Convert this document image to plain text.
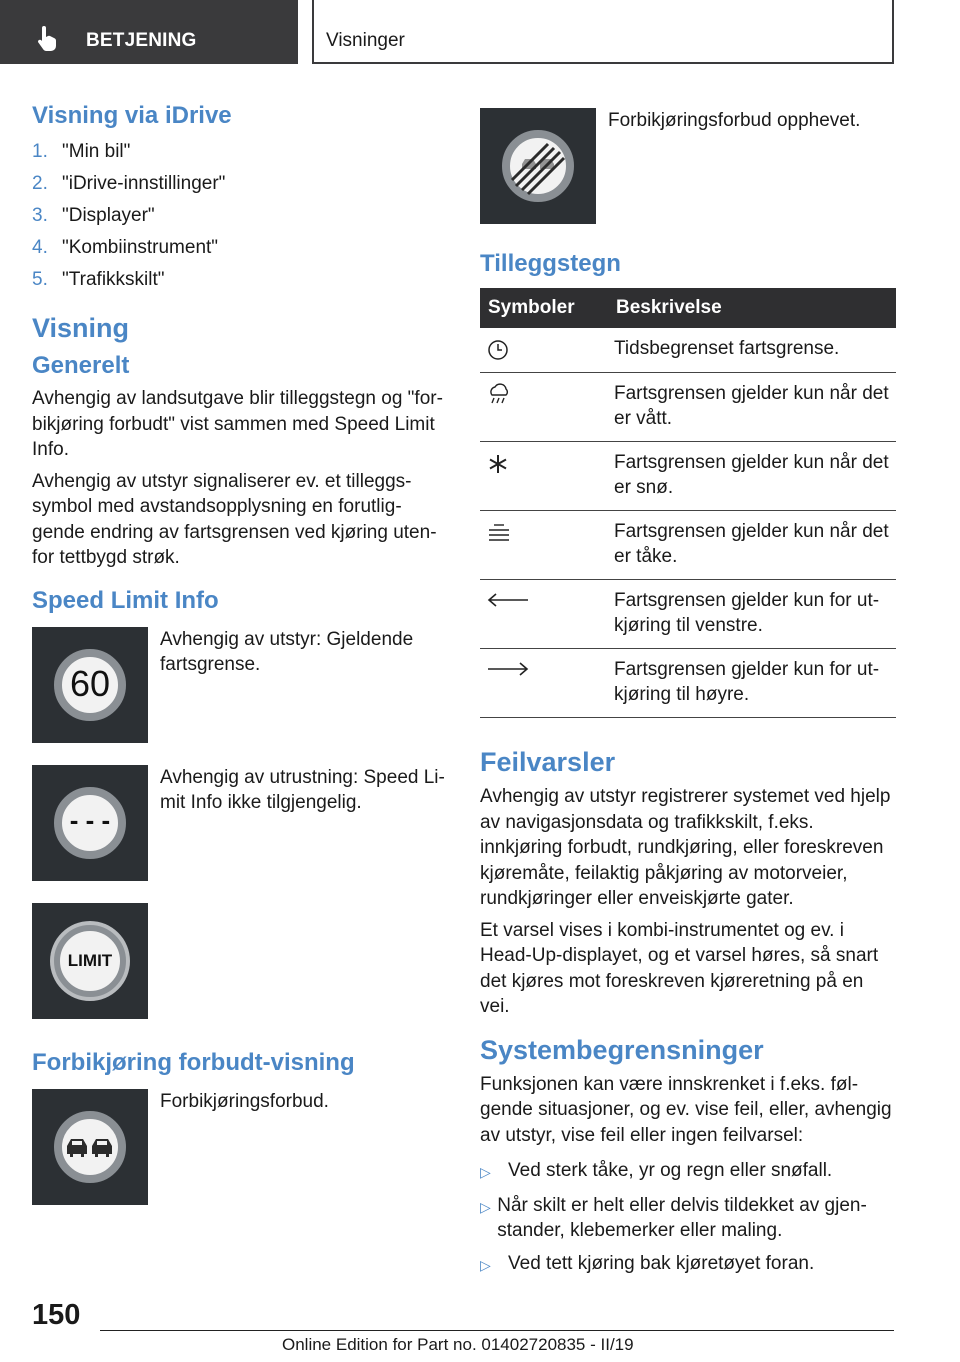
BETJENING	Visninger
Visning via iDrive
1. "Min bil"
2. "iDrive-innstillinger"
3. "Displayer"
4. "Kombiinstrument"
5. "Trafikkskilt"
Visning
Generelt

Avhengig av landsutgave blir tilleggstegn og "forbikjøring forbudt" vist sammen med Speed Limit Info.

Avhengig av utstyr signaliserer ev. et tilleggssymbol med avstandsopplysning en forutliggende endring av fartsgrensen ved kjøring utenfor tettbygd strøk.

Speed Limit Info
60

Avhengig av utstyr: Gjeldende fartsgrense.

- - -

Avhengig av utrustning: Speed Limit Info ikke tilgjengelig.

LIMIT
Forbikjøring forbudt-visning

Forbikjøringsforbud.

Forbikjøringsforbud opphevet.

Tilleggstegn
Symboler	Beskrivelse

	Tidsbegrenset fartsgrense.

	Fartsgrensen gjelder kun når det er vått.

	Fartsgrensen gjelder kun når det er snø.

	Fartsgrensen gjelder kun når det er tåke.

	Fartsgrensen gjelder kun for utkjøring til venstre.

	Fartsgrensen gjelder kun for utkjøring til høyre.
Feilvarsler

Avhengig av utstyr registrerer systemet ved hjelp av navigasjonsdata og trafikkskilt, f.eks. innkjøring forbudt, rundkjøring, eller foreskreven kjøremåte, feilaktig påkjøring av motorveier, rundkjøringer eller enveiskjørte gater.

Et varsel vises i kombi-instrumentet og ev. i Head-Up-displayet, og et varsel høres, så snart det kjøres mot foreskreven kjøreretning på en vei.

Systembegrensninger

Funksjonen kan være innskrenket i f.eks. følgende situasjoner, og ev. vise feil, eller, avhengig av utstyr, vise feil eller ingen feilvarsel:

▷ Ved sterk tåke, yr og regn eller snøfall.
▷ Når skilt er helt eller delvis tildekket av gjenstander, klebemerker eller maling.
▷ Ved tett kjøring bak kjøretøyet foran.
150
Online Edition for Part no. 01402720835 - II/19
